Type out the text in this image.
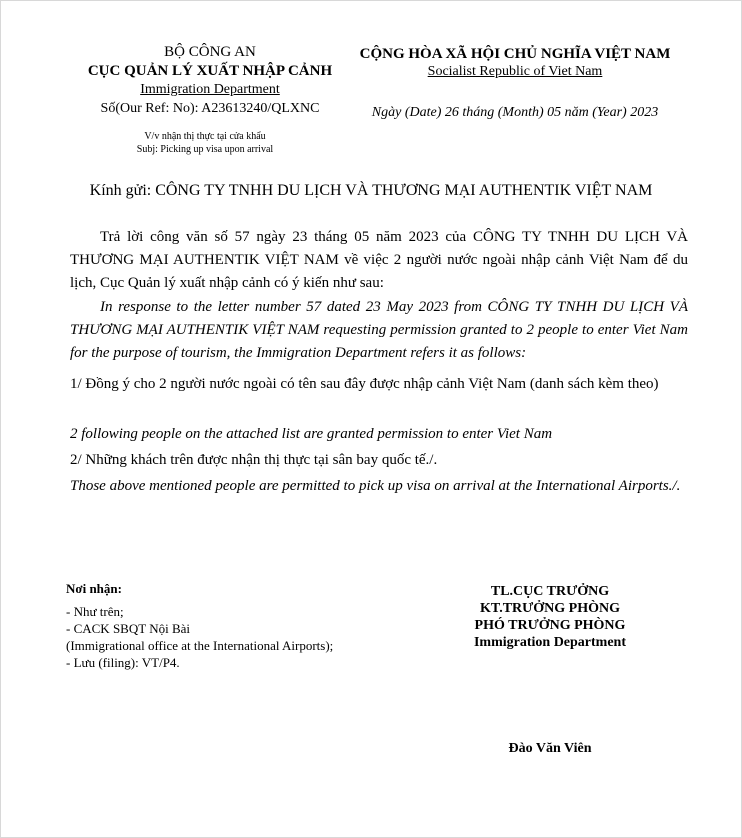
BỘ CÔNG AN
CỤC QUẢN LÝ XUẤT NHẬP CẢNH
Immigration Department
Số(Our Ref: No): A23613240/QLXNC
CỘNG HÒA XÃ HỘI CHỦ NGHĨA VIỆT NAM
Socialist Republic of Viet Nam
Ngày (Date) 26 tháng (Month) 05 năm (Year) 2023
V/v nhận thị thực tại cửa khẩu
Subj: Picking up visa upon arrival
Kính gửi: CÔNG TY TNHH DU LỊCH VÀ THƯƠNG MẠI AUTHENTIK VIỆT NAM
Trả lời công văn số 57 ngày 23 tháng 05 năm 2023 của CÔNG TY TNHH DU LỊCH VÀ THƯƠNG MẠI AUTHENTIK VIỆT NAM về việc 2 người nước ngoài nhập cảnh Việt Nam để du lịch, Cục Quản lý xuất nhập cảnh có ý kiến như sau:
In response to the letter number 57 dated 23 May 2023 from CÔNG TY TNHH DU LỊCH VÀ THƯƠNG MẠI AUTHENTIK VIỆT NAM requesting permission granted to 2 people to enter Viet Nam for the purpose of tourism, the Immigration Department refers it as follows:
1/ Đồng ý cho 2 người nước ngoài có tên sau đây được nhập cảnh Việt Nam (danh sách kèm theo)
2 following people on the attached list are granted permission to enter Viet Nam
2/ Những khách trên được nhận thị thực tại sân bay quốc tế./.
Those above mentioned people are permitted to pick up visa on arrival at the International Airports./.
Nơi nhận:
- Như trên;
- CACK SBQT Nội Bài
(Immigrational office at the International Airports);
- Lưu (filing): VT/P4.
TL.CỤC TRƯỞNG
KT.TRƯỞNG PHÒNG
PHÓ TRƯỞNG PHÒNG
Immigration Department
Đào Văn Viên
